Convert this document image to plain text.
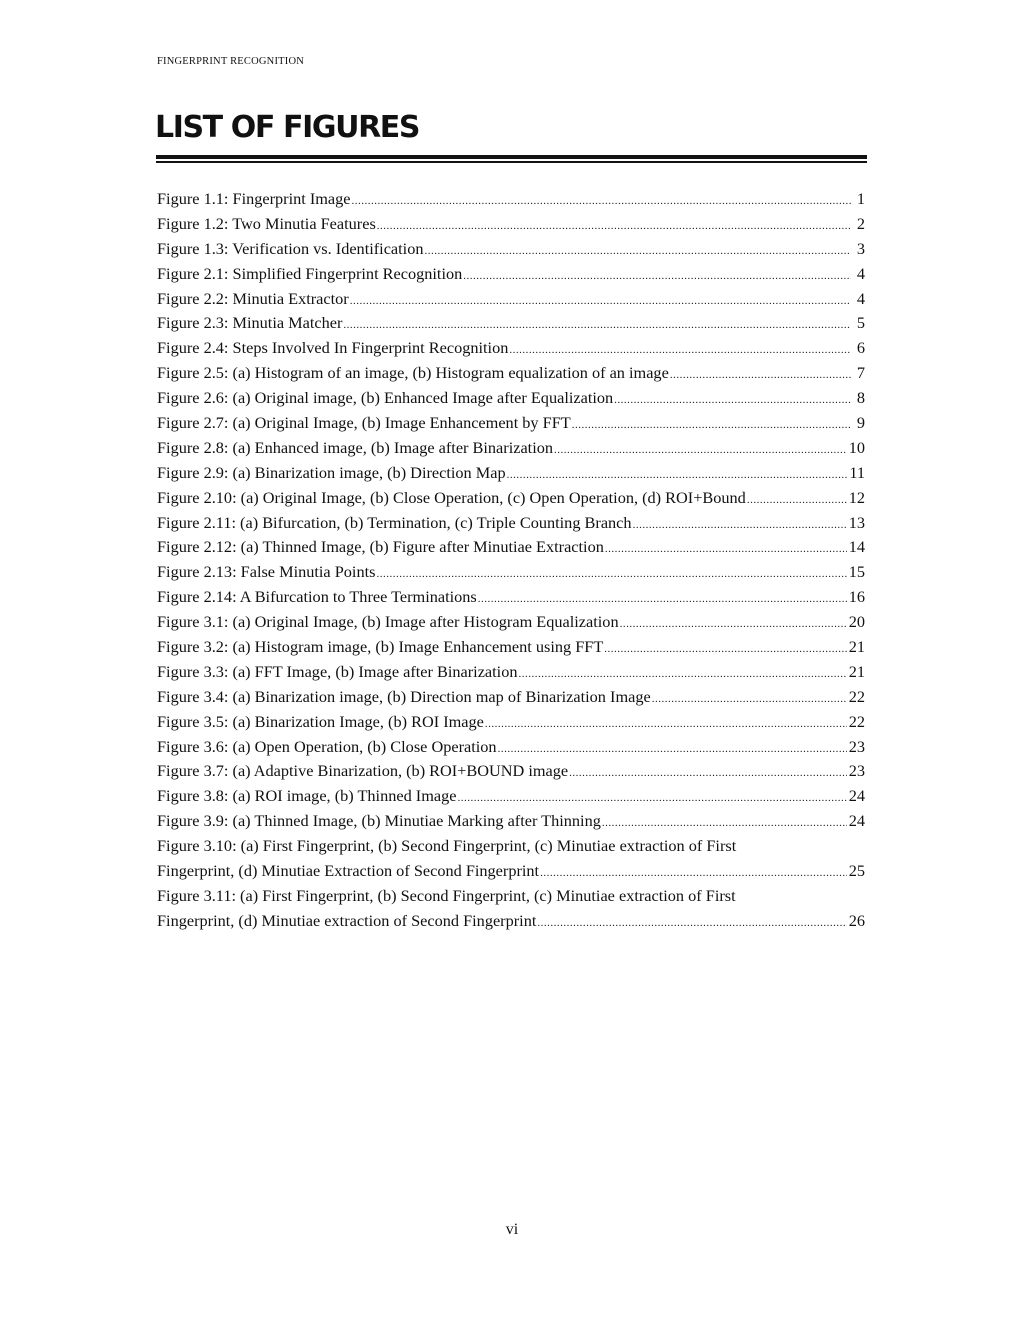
FINGERPRINT RECOGNITION
LIST OF FIGURES
Figure 1.1: Fingerprint Image .....	1
Figure 1.2: Two Minutia Features .....	2
Figure 1.3: Verification vs. Identification .....	3
Figure 2.1: Simplified Fingerprint Recognition .....	4
Figure 2.2: Minutia Extractor .....	4
Figure 2.3: Minutia Matcher .....	5
Figure 2.4: Steps Involved In Fingerprint Recognition .....	6
Figure 2.5: (a) Histogram of an image, (b) Histogram equalization of an image .....	7
Figure 2.6: (a) Original image, (b) Enhanced Image after Equalization .....	8
Figure 2.7: (a) Original Image, (b) Image Enhancement by FFT .....	9
Figure 2.8: (a) Enhanced image, (b) Image after Binarization .....	10
Figure 2.9: (a) Binarization image, (b) Direction Map .....	11
Figure 2.10: (a) Original Image, (b) Close Operation, (c) Open Operation, (d) ROI+Bound .....	12
Figure 2.11: (a) Bifurcation, (b) Termination, (c) Triple Counting Branch .....	13
Figure 2.12: (a) Thinned Image, (b) Figure after Minutiae Extraction .....	14
Figure 2.13: False Minutia Points .....	15
Figure 2.14: A Bifurcation to Three Terminations .....	16
Figure 3.1: (a) Original Image, (b) Image after Histogram Equalization .....	20
Figure 3.2: (a) Histogram image, (b) Image Enhancement using FFT .....	21
Figure 3.3: (a) FFT Image, (b) Image after Binarization .....	21
Figure 3.4: (a) Binarization image, (b) Direction map of Binarization Image .....	22
Figure 3.5: (a) Binarization Image, (b) ROI Image .....	22
Figure 3.6: (a) Open Operation, (b) Close Operation .....	23
Figure 3.7: (a) Adaptive Binarization, (b) ROI+BOUND image .....	23
Figure 3.8: (a) ROI image, (b) Thinned Image .....	24
Figure 3.9: (a) Thinned Image, (b) Minutiae Marking after Thinning .....	24
Figure 3.10: (a) First Fingerprint, (b) Second Fingerprint, (c) Minutiae extraction of First
Fingerprint, (d) Minutiae Extraction of Second Fingerprint .....	25
Figure 3.11: (a) First Fingerprint, (b) Second Fingerprint, (c) Minutiae extraction of First
Fingerprint, (d) Minutiae extraction of Second Fingerprint .....	26
vi
